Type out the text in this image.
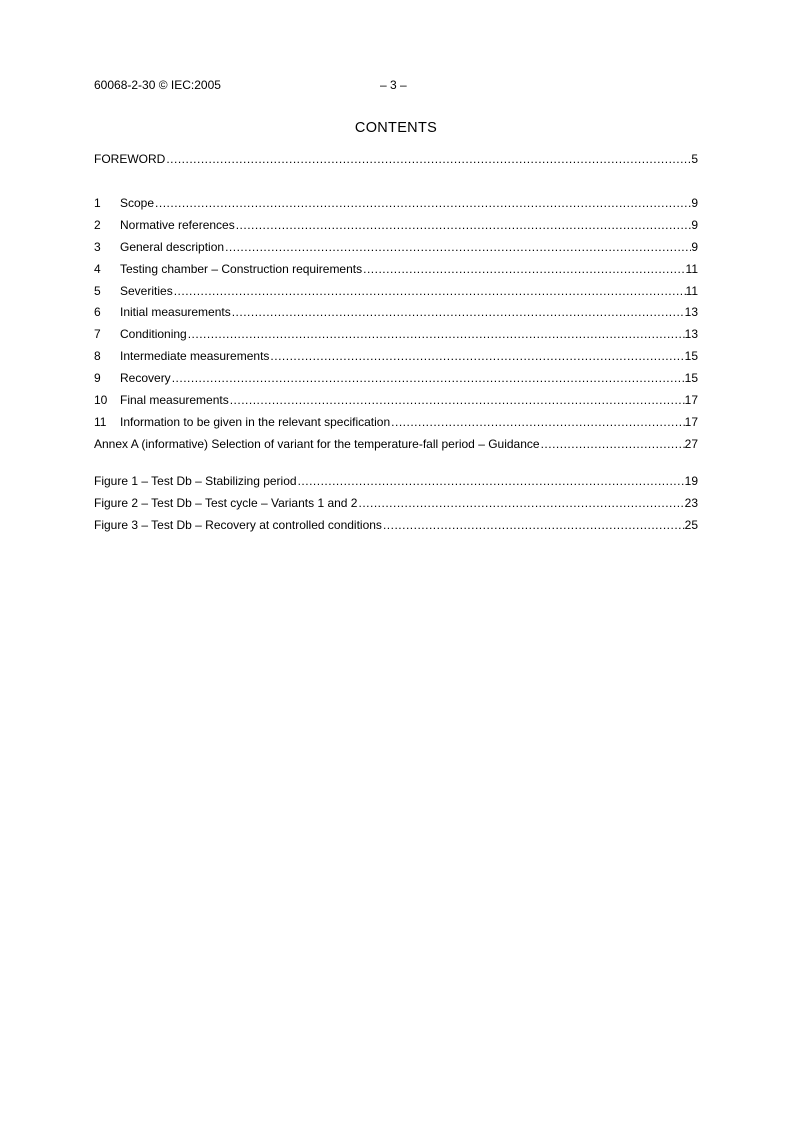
60068-2-30 © IEC:2005	– 3 –
CONTENTS
FOREWORD .....	5
1	Scope .....	9
2	Normative references .....	9
3	General description .....	9
4	Testing chamber – Construction requirements .....	11
5	Severities .....	11
6	Initial measurements .....	13
7	Conditioning .....	13
8	Intermediate measurements .....	15
9	Recovery .....	15
10	Final measurements .....	17
11	Information to be given in the relevant specification .....	17
Annex A (informative) Selection of variant for the temperature-fall period – Guidance .....	27
Figure 1 – Test Db – Stabilizing period .....	19
Figure 2 – Test Db – Test cycle – Variants 1 and 2 .....	23
Figure 3 – Test Db – Recovery at controlled conditions .....	25
